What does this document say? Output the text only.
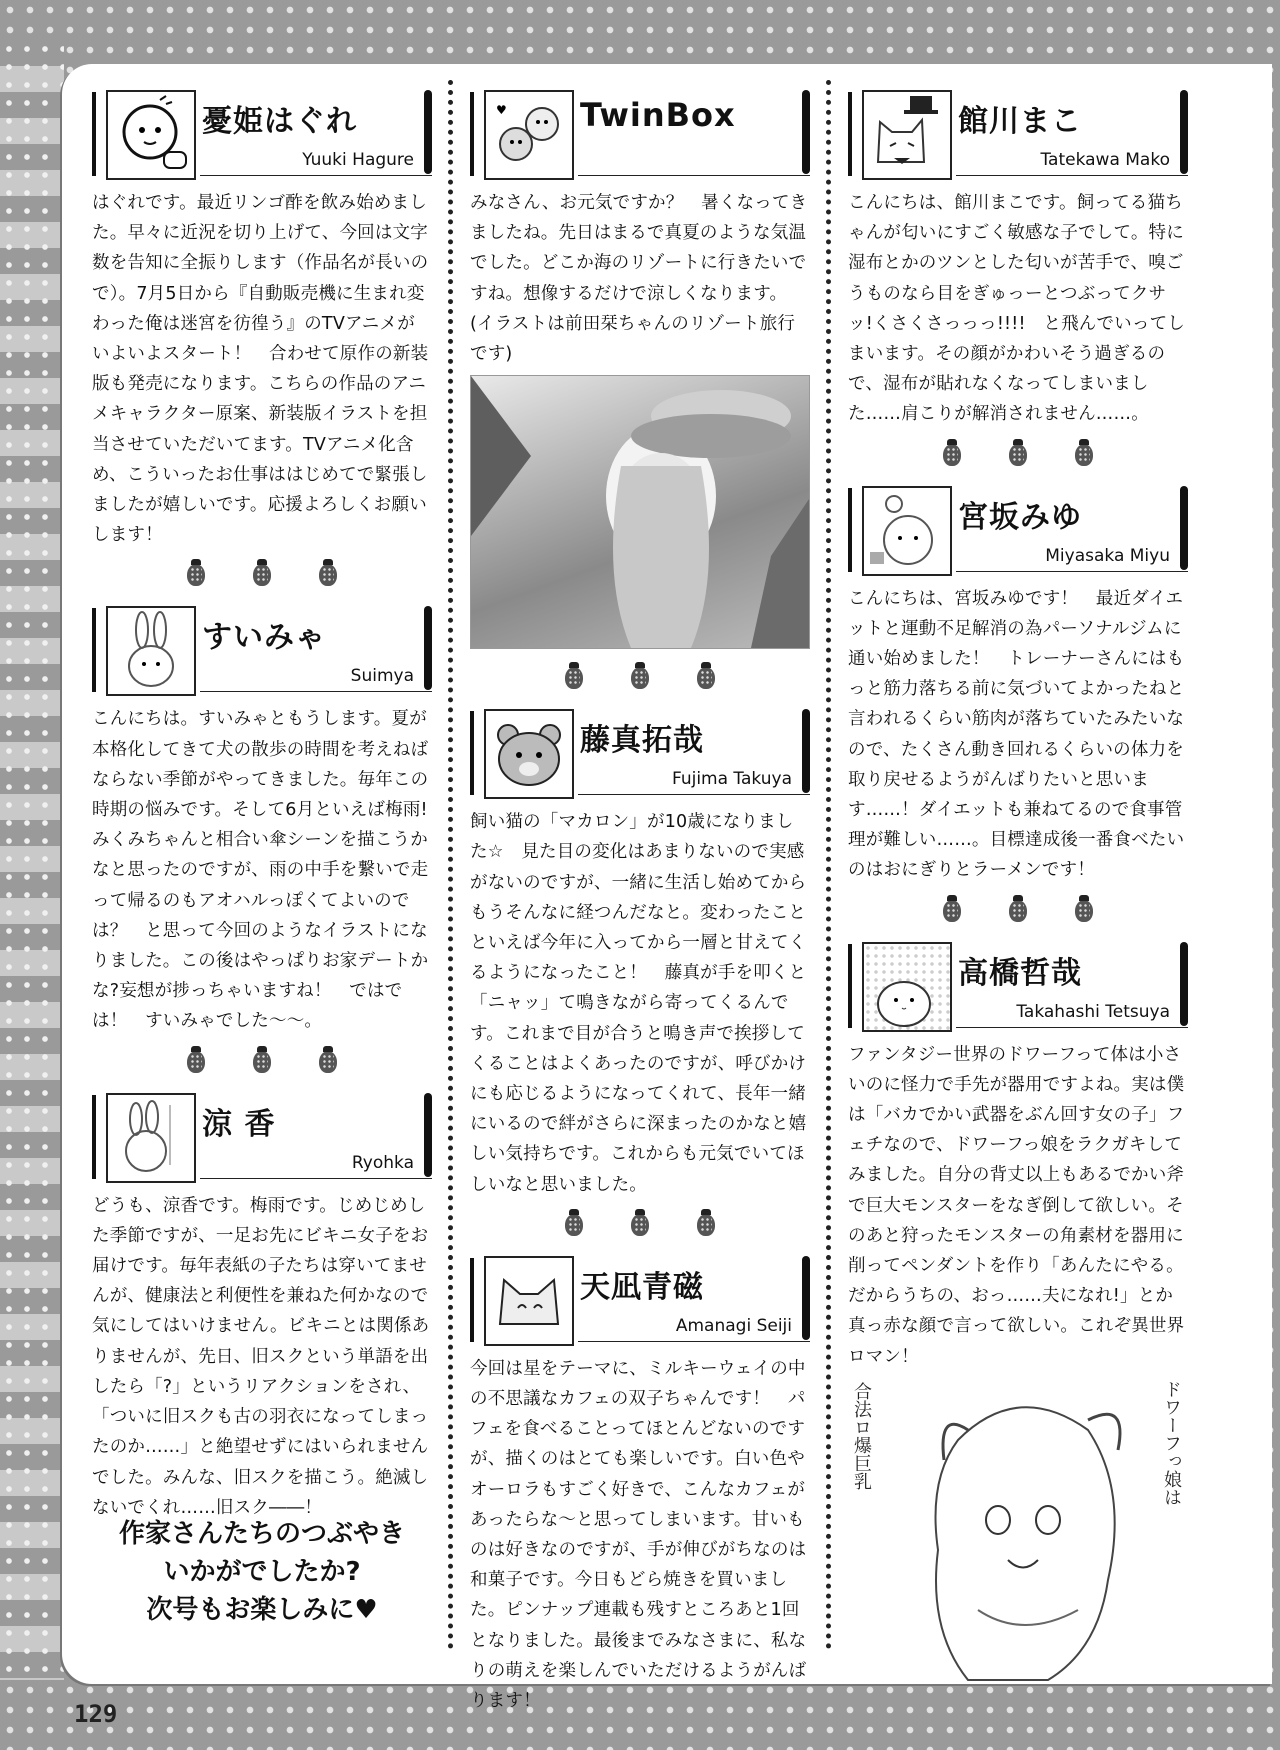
憂姫はぐれ
Yuuki Hagure
はぐれです。最近リンゴ酢を飲み始めました。早々に近況を切り上げて、今回は文字数を告知に全振りします（作品名が長いので）。7月5日から『自動販売機に生まれ変わった俺は迷宮を彷徨う』のTVアニメがいよいよスタート！　合わせて原作の新装版も発売になります。こちらの作品のアニメキャラクター原案、新装版イラストを担当させていただいてます。TVアニメ化含め、こういったお仕事ははじめてで緊張しましたが嬉しいです。応援よろしくお願いします！
すいみゃ
Suimya
こんにちは。すいみゃともうします。夏が本格化してきて犬の散歩の時間を考えねばならない季節がやってきました。毎年この時期の悩みです。そして6月といえば梅雨!みくみちゃんと相合い傘シーンを描こうかなと思ったのですが、雨の中手を繋いで走って帰るのもアオハルっぽくてよいのでは？　と思って今回のようなイラストになりました。この後はやっぱりお家デートかな?妄想が捗っちゃいますね！　ではでは！　すいみゃでした〜〜。
涼 香
Ryohka
どうも、涼香です。梅雨です。じめじめした季節ですが、一足お先にビキニ女子をお届けです。毎年表紙の子たちは穿いてませんが、健康法と利便性を兼ねた何かなので気にしてはいけません。ビキニとは関係ありませんが、先日、旧スクという単語を出したら「?」というリアクションをされ、「ついに旧スクも古の羽衣になってしまったのか……」と絶望せずにはいられませんでした。みんな、旧スクを描こう。絶滅しないでくれ……旧スク――！
作家さんたちのつぶやき
いかがでしたか?
次号もお楽しみに♥
♥ TwinBox
みなさん、お元気ですか？　暑くなってきましたね。先日はまるで真夏のような気温でした。どこか海のリゾートに行きたいですね。想像するだけで涼しくなります。(イラストは前田栞ちゃんのリゾート旅行です)
藤真拓哉
Fujima Takuya
飼い猫の「マカロン」が10歳になりました☆　見た目の変化はあまりないので実感がないのですが、一緒に生活し始めてからもうそんなに経つんだなと。変わったことといえば今年に入ってから一層と甘えてくるようになったこと！　藤真が手を叩くと「ニャッ」て鳴きながら寄ってくるんです。これまで目が合うと鳴き声で挨拶してくることはよくあったのですが、呼びかけにも応じるようになってくれて、長年一緒にいるので絆がさらに深まったのかなと嬉しい気持ちです。これからも元気でいてほしいなと思いました。
天凪青磁
Amanagi Seiji
今回は星をテーマに、ミルキーウェイの中の不思議なカフェの双子ちゃんです！　パフェを食べることってほとんどないのですが、描くのはとても楽しいです。白い色やオーロラもすごく好きで、こんなカフェがあったらな〜と思ってしまいます。甘いものは好きなのですが、手が伸びがちなのは和菓子です。今日もどら焼きを買いました。ピンナップ連載も残すところあと1回となりました。最後までみなさまに、私なりの萌えを楽しんでいただけるようがんばります！
館川まこ
Tatekawa Mako
こんにちは、館川まこです。飼ってる猫ちゃんが匂いにすごく敏感な子でして。特に湿布とかのツンとした匂いが苦手で、嗅ごうものなら目をぎゅっーとつぶってクサッ!くさくさっっっ!!!!　と飛んでいってしまいます。その顔がかわいそう過ぎるので、湿布が貼れなくなってしまいました……肩こりが解消されません……。
宮坂みゆ
Miyasaka Miyu
こんにちは、宮坂みゆです！　最近ダイエットと運動不足解消の為パーソナルジムに通い始めました！　トレーナーさんにはもっと筋力落ちる前に気づいてよかったねと言われるくらい筋肉が落ちていたみたいなので、たくさん動き回れるくらいの体力を取り戻せるようがんばりたいと思います……！ダイエットも兼ねてるので食事管理が難しい……。目標達成後一番食べたいのはおにぎりとラーメンです！
高橋哲哉
Takahashi Tetsuya
ファンタジー世界のドワーフって体は小さいのに怪力で手先が器用ですよね。実は僕は「バカでかい武器をぶん回す女の子」フェチなので、ドワーフっ娘をラクガキしてみました。自分の背丈以上もあるでかい斧で巨大モンスターをなぎ倒して欲しい。そのあと狩ったモンスターの角素材を器用に削ってペンダントを作り「あんたにやる。だからうちの、おっ……夫になれ!」とか真っ赤な顔で言って欲しい。これぞ異世界ロマン！
ドワーフっ娘は
合法ロ爆巨乳
129
